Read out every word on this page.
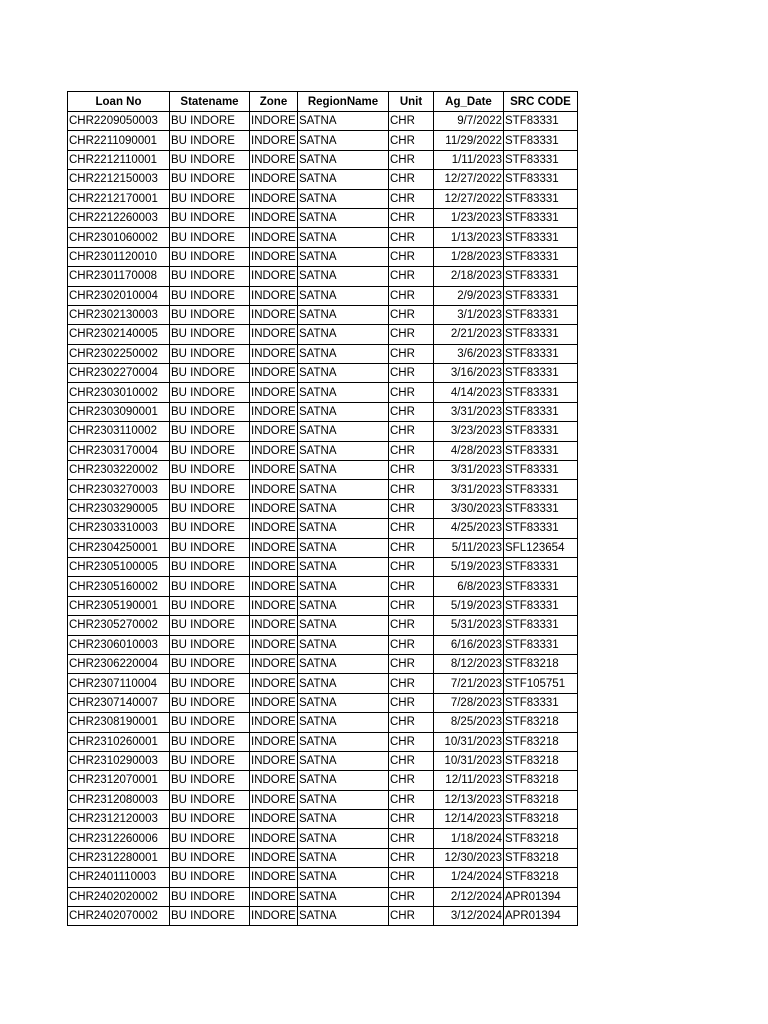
Loan No	Statename	Zone	RegionName	Unit	Ag_Date	SRC CODE
CHR2209050003	BU INDORE	INDORE	SATNA	CHR	9/7/2022	STF83331
CHR2211090001	BU INDORE	INDORE	SATNA	CHR	11/29/2022	STF83331
CHR2212110001	BU INDORE	INDORE	SATNA	CHR	1/11/2023	STF83331
CHR2212150003	BU INDORE	INDORE	SATNA	CHR	12/27/2022	STF83331
CHR2212170001	BU INDORE	INDORE	SATNA	CHR	12/27/2022	STF83331
CHR2212260003	BU INDORE	INDORE	SATNA	CHR	1/23/2023	STF83331
CHR2301060002	BU INDORE	INDORE	SATNA	CHR	1/13/2023	STF83331
CHR2301120010	BU INDORE	INDORE	SATNA	CHR	1/28/2023	STF83331
CHR2301170008	BU INDORE	INDORE	SATNA	CHR	2/18/2023	STF83331
CHR2302010004	BU INDORE	INDORE	SATNA	CHR	2/9/2023	STF83331
CHR2302130003	BU INDORE	INDORE	SATNA	CHR	3/1/2023	STF83331
CHR2302140005	BU INDORE	INDORE	SATNA	CHR	2/21/2023	STF83331
CHR2302250002	BU INDORE	INDORE	SATNA	CHR	3/6/2023	STF83331
CHR2302270004	BU INDORE	INDORE	SATNA	CHR	3/16/2023	STF83331
CHR2303010002	BU INDORE	INDORE	SATNA	CHR	4/14/2023	STF83331
CHR2303090001	BU INDORE	INDORE	SATNA	CHR	3/31/2023	STF83331
CHR2303110002	BU INDORE	INDORE	SATNA	CHR	3/23/2023	STF83331
CHR2303170004	BU INDORE	INDORE	SATNA	CHR	4/28/2023	STF83331
CHR2303220002	BU INDORE	INDORE	SATNA	CHR	3/31/2023	STF83331
CHR2303270003	BU INDORE	INDORE	SATNA	CHR	3/31/2023	STF83331
CHR2303290005	BU INDORE	INDORE	SATNA	CHR	3/30/2023	STF83331
CHR2303310003	BU INDORE	INDORE	SATNA	CHR	4/25/2023	STF83331
CHR2304250001	BU INDORE	INDORE	SATNA	CHR	5/11/2023	SFL123654
CHR2305100005	BU INDORE	INDORE	SATNA	CHR	5/19/2023	STF83331
CHR2305160002	BU INDORE	INDORE	SATNA	CHR	6/8/2023	STF83331
CHR2305190001	BU INDORE	INDORE	SATNA	CHR	5/19/2023	STF83331
CHR2305270002	BU INDORE	INDORE	SATNA	CHR	5/31/2023	STF83331
CHR2306010003	BU INDORE	INDORE	SATNA	CHR	6/16/2023	STF83331
CHR2306220004	BU INDORE	INDORE	SATNA	CHR	8/12/2023	STF83218
CHR2307110004	BU INDORE	INDORE	SATNA	CHR	7/21/2023	STF105751
CHR2307140007	BU INDORE	INDORE	SATNA	CHR	7/28/2023	STF83331
CHR2308190001	BU INDORE	INDORE	SATNA	CHR	8/25/2023	STF83218
CHR2310260001	BU INDORE	INDORE	SATNA	CHR	10/31/2023	STF83218
CHR2310290003	BU INDORE	INDORE	SATNA	CHR	10/31/2023	STF83218
CHR2312070001	BU INDORE	INDORE	SATNA	CHR	12/11/2023	STF83218
CHR2312080003	BU INDORE	INDORE	SATNA	CHR	12/13/2023	STF83218
CHR2312120003	BU INDORE	INDORE	SATNA	CHR	12/14/2023	STF83218
CHR2312260006	BU INDORE	INDORE	SATNA	CHR	1/18/2024	STF83218
CHR2312280001	BU INDORE	INDORE	SATNA	CHR	12/30/2023	STF83218
CHR2401110003	BU INDORE	INDORE	SATNA	CHR	1/24/2024	STF83218
CHR2402020002	BU INDORE	INDORE	SATNA	CHR	2/12/2024	APR01394
CHR2402070002	BU INDORE	INDORE	SATNA	CHR	3/12/2024	APR01394
